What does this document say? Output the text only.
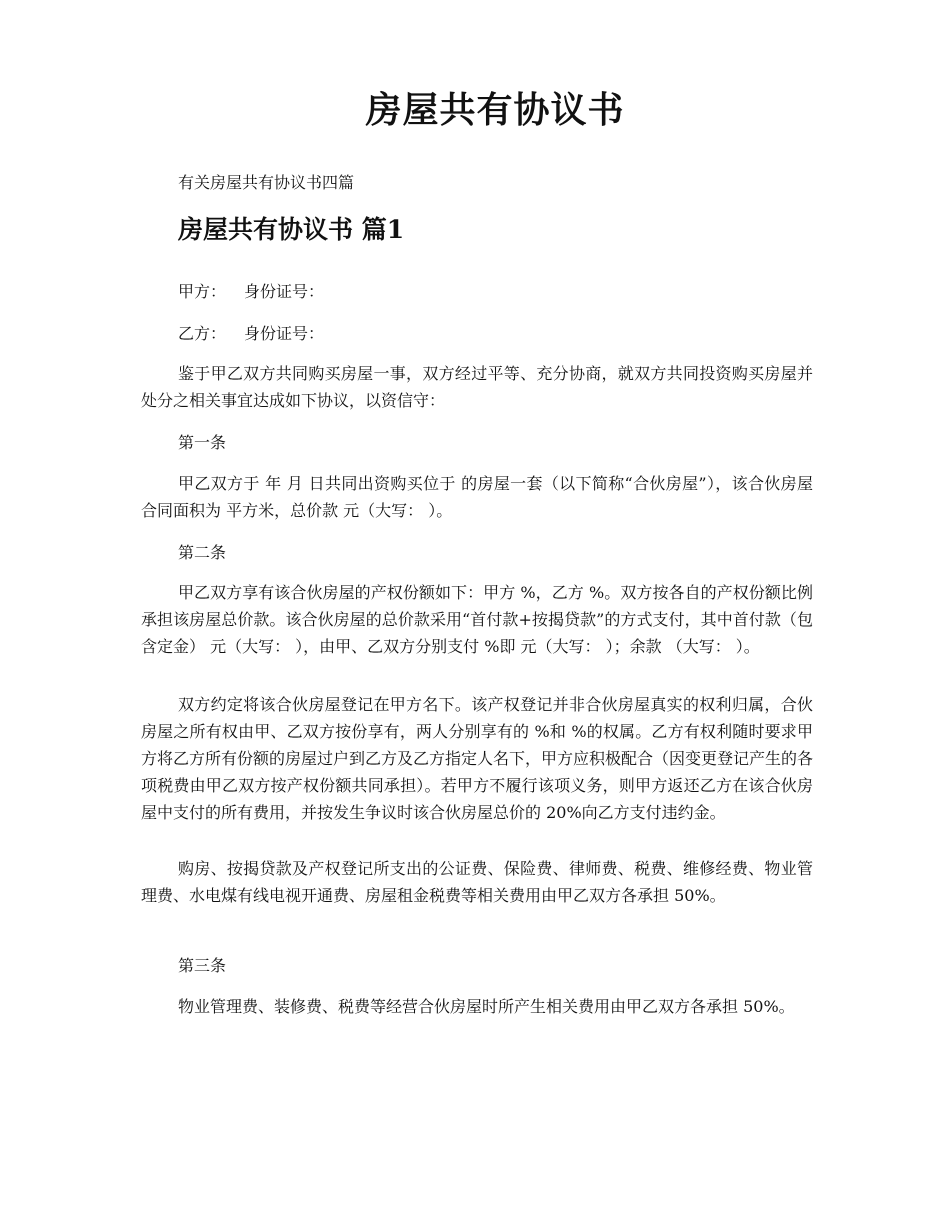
房屋共有协议书

有关房屋共有协议书四篇

房屋共有协议书 篇1

甲方： 身份证号：

乙方： 身份证号：

鉴于甲乙双方共同购买房屋一事，双方经过平等、充分协商，就双方共同投资购买房屋并处分之相关事宜达成如下协议，以资信守：

第一条

甲乙双方于 年 月 日共同出资购买位于 的房屋一套（以下简称“合伙房屋”），该合伙房屋合同面积为 平方米，总价款 元（大写： ）。

第二条

甲乙双方享有该合伙房屋的产权份额如下：甲方 %，乙方 %。双方按各自的产权份额比例承担该房屋总价款。该合伙房屋的总价款采用“首付款+按揭贷款”的方式支付，其中首付款（包含定金） 元（大写： ），由甲、乙双方分别支付 %即 元（大写： ）；余款 （大写： ）。

双方约定将该合伙房屋登记在甲方名下。该产权登记并非合伙房屋真实的权利归属，合伙房屋之所有权由甲、乙双方按份享有，两人分别享有的 %和 %的权属。乙方有权利随时要求甲方将乙方所有份额的房屋过户到乙方及乙方指定人名下，甲方应积极配合（因变更登记产生的各项税费由甲乙双方按产权份额共同承担）。若甲方不履行该项义务，则甲方返还乙方在该合伙房屋中支付的所有费用，并按发生争议时该合伙房屋总价的 20%向乙方支付违约金。

购房、按揭贷款及产权登记所支出的公证费、保险费、律师费、税费、维修经费、物业管理费、水电煤有线电视开通费、房屋租金税费等相关费用由甲乙双方各承担 50%。

第三条

物业管理费、装修费、税费等经营合伙房屋时所产生相关费用由甲乙双方各承担 50%。
